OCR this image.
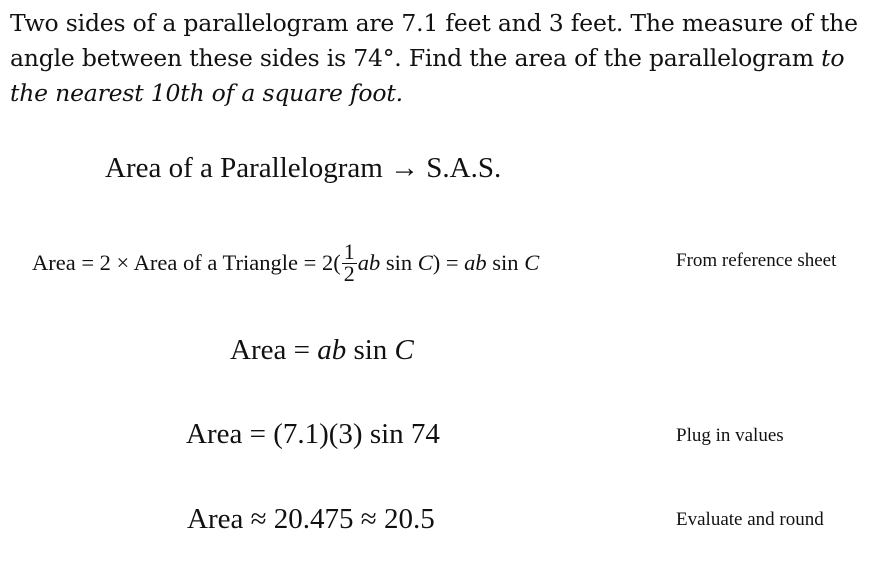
Two sides of a parallelogram are 7.1 feet and 3 feet. The measure of the angle between these sides is 74°. Find the area of the parallelogram to the nearest 10th of a square foot.
Area of a Parallelogram → S.A.S.
Area = 2 × Area of a Triangle = $2( \frac{1}{2}$ ab sin C) = ab sin C	From reference sheet
Area = ab sin C
Area = (7.1)(3) sin 74	Plug in values
Area ≈ 20.475 ≈ 20.5	Evaluate and round
